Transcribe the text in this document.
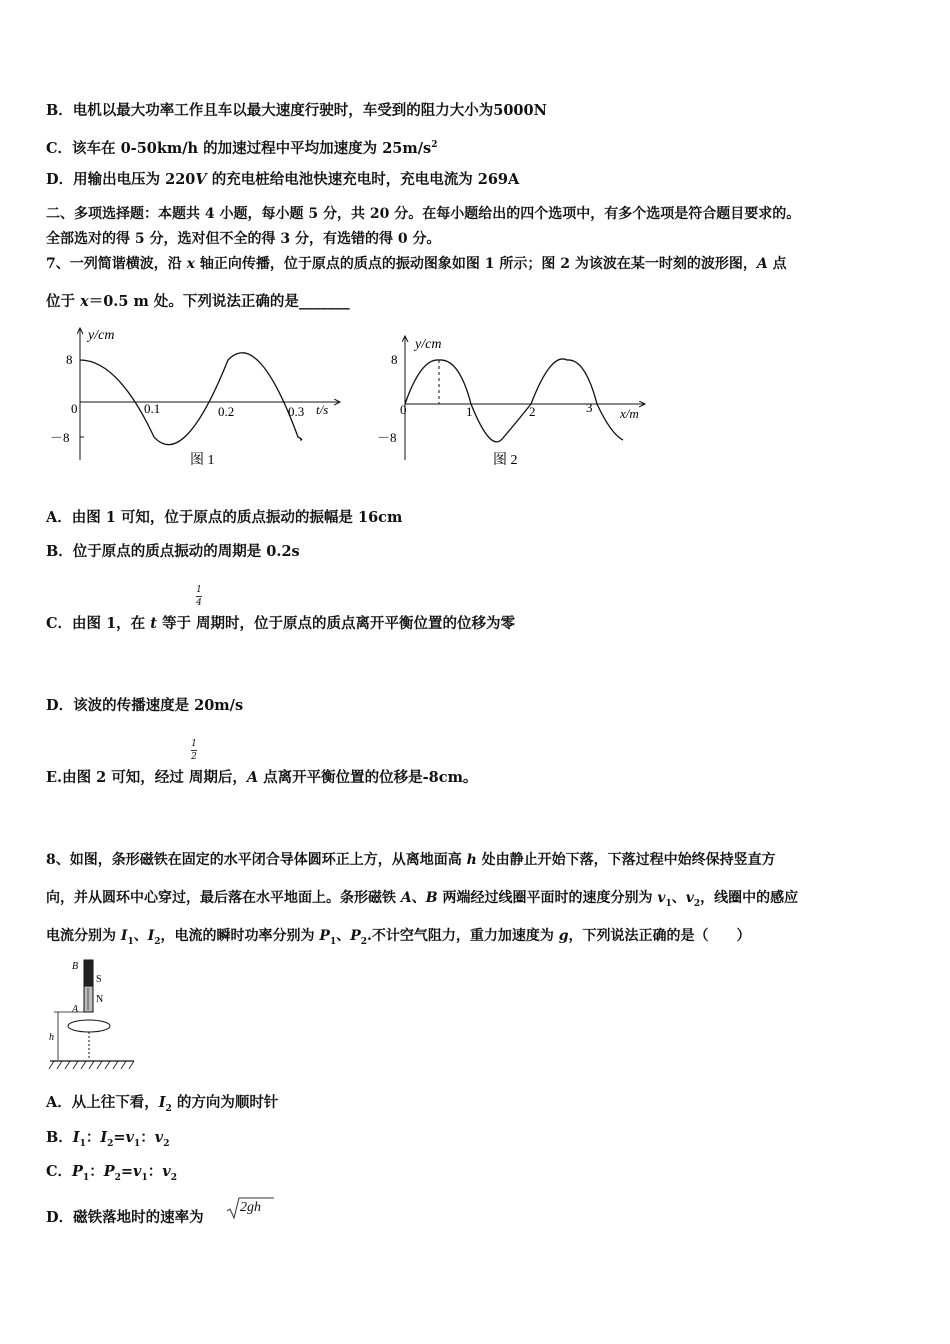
B．电机以最大功率工作且车以最大速度行驶时，车受到的阻力大小为5000N
C．该车在 0-50km/h 的加速过程中平均加速度为 $25m/s^2$
D．用输出电压为 220V 的充电桩给电池快速充电时，充电电流为 269A
二、多项选择题：本题共 4 小题，每小题 5 分，共 20 分。在每小题给出的四个选项中，有多个选项是符合题目要求的。
全部选对的得 5 分，选对但不全的得 3 分，有选错的得 0 分。
7、一列简谐横波，沿 x 轴正向传播，位于原点的质点的振动图象如图 1 所示；图 2 为该波在某一时刻的波形图，A 点
位于 x＝0.5 m 处。下列说法正确的是_______
y/cm
8
－8
0	0.1	0.2	0.3 t/s
图 1
y/cm
8
－8
0	1	2	3 x/m
图 2
A．由图 1 可知，位于原点的质点振动的振幅是 16cm
B．位于原点的质点振动的周期是 0.2s
1
4
C．由图 1，在 t 等于 周期时，位于原点的质点离开平衡位置的位移为零
D．该波的传播速度是 20m/s
1
2
E.由图 2 可知，经过 周期后，A 点离开平衡位置的位移是-8cm。
8、如图，条形磁铁在固定的水平闭合导体圆环正上方，从离地面高 h 处由静止开始下落，下落过程中始终保持竖直方
向，并从圆环中心穿过，最后落在水平地面上。条形磁铁 A、B 两端经过线圈平面时的速度分别为 $v_1$、$v_2$，线圈中的感应
电流分别为 $I_1$、$I_2$，电流的瞬时功率分别为 $P_1$、$P_2$.不计空气阻力，重力加速度为 g，下列说法正确的是（　　）
B
S
N
A
h
A．从上往下看，$I_2$ 的方向为顺时针
B．$I_1$：$I_2=v_1$：$v_2$
C．$P_1$：$P_2=v_1$：$v_2$
D．磁铁落地时的速率为
2gh
